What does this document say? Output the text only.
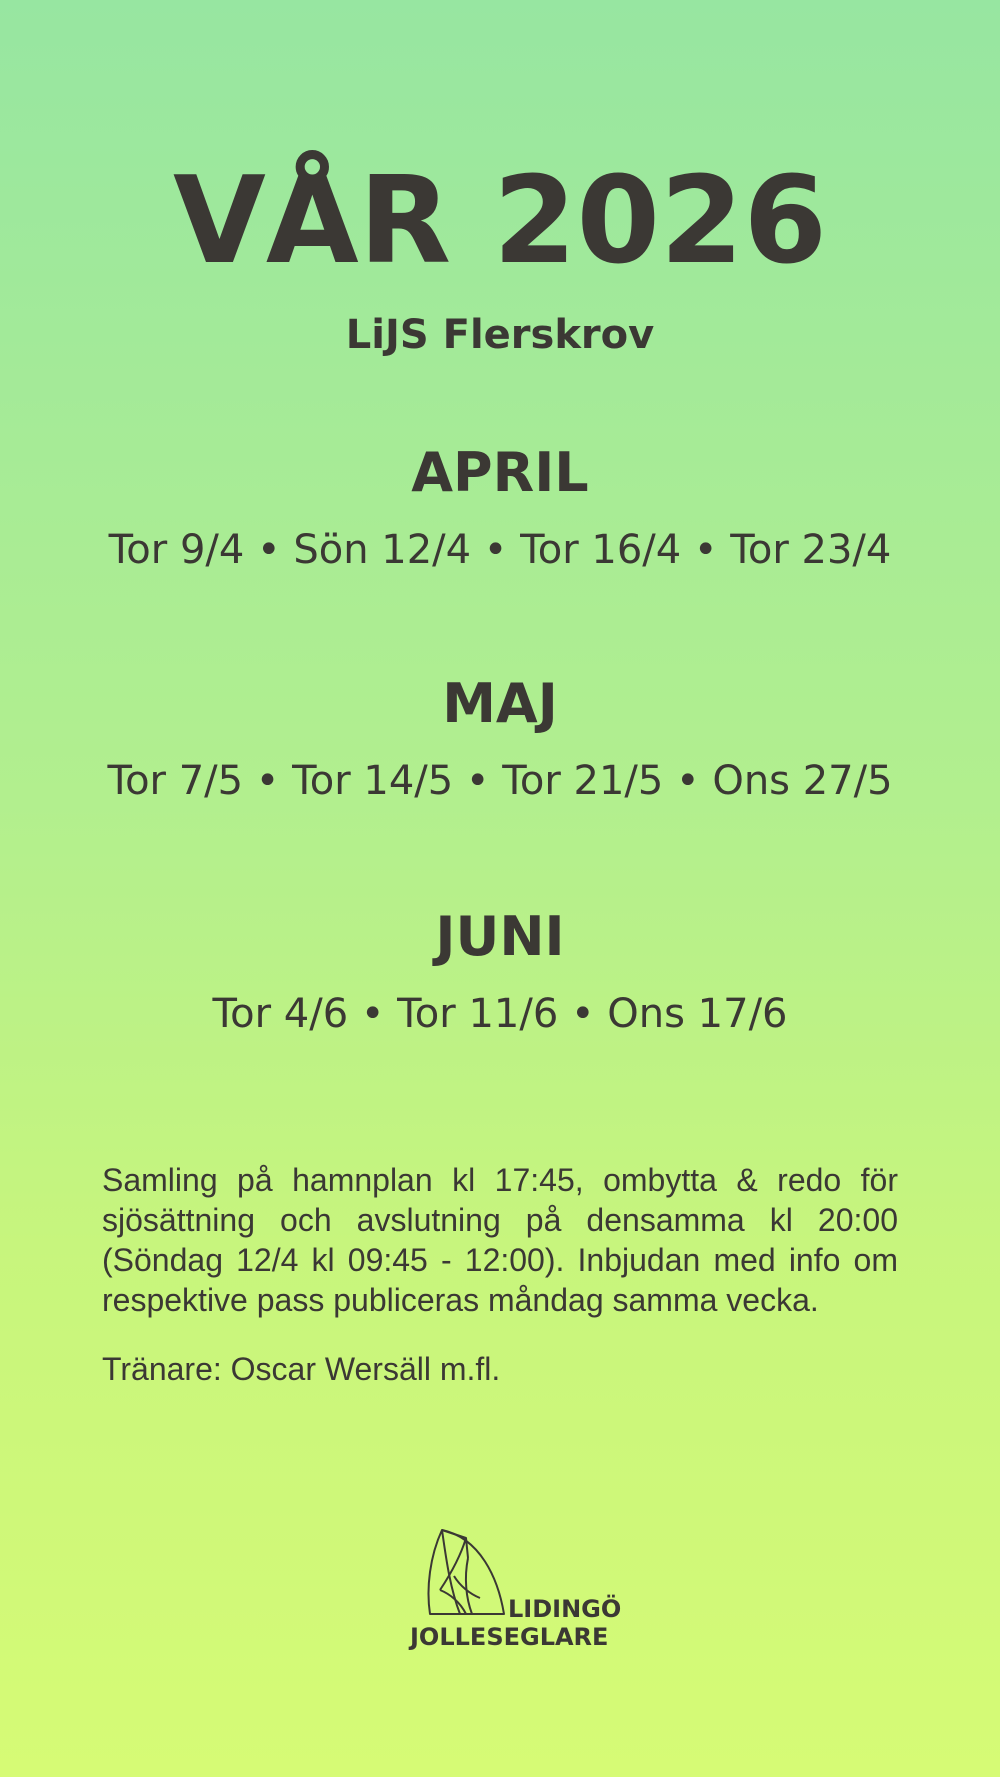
VÅR 2026
LiJS Flerskrov
APRIL
Tor 9/4 • Sön 12/4 • Tor 16/4 • Tor 23/4
MAJ
Tor 7/5 • Tor 14/5 • Tor 21/5 • Ons 27/5
JUNI
Tor 4/6 • Tor 11/6 • Ons 17/6
Samling på hamnplan kl 17:45, ombytta & redo för sjösättning och avslutning på densamma kl 20:00 (Söndag 12/4 kl 09:45 - 12:00). Inbjudan med info om respektive pass publiceras måndag samma vecka.
Tränare: Oscar Wersäll m.fl.
LIDINGÖ
JOLLESEGLARE
